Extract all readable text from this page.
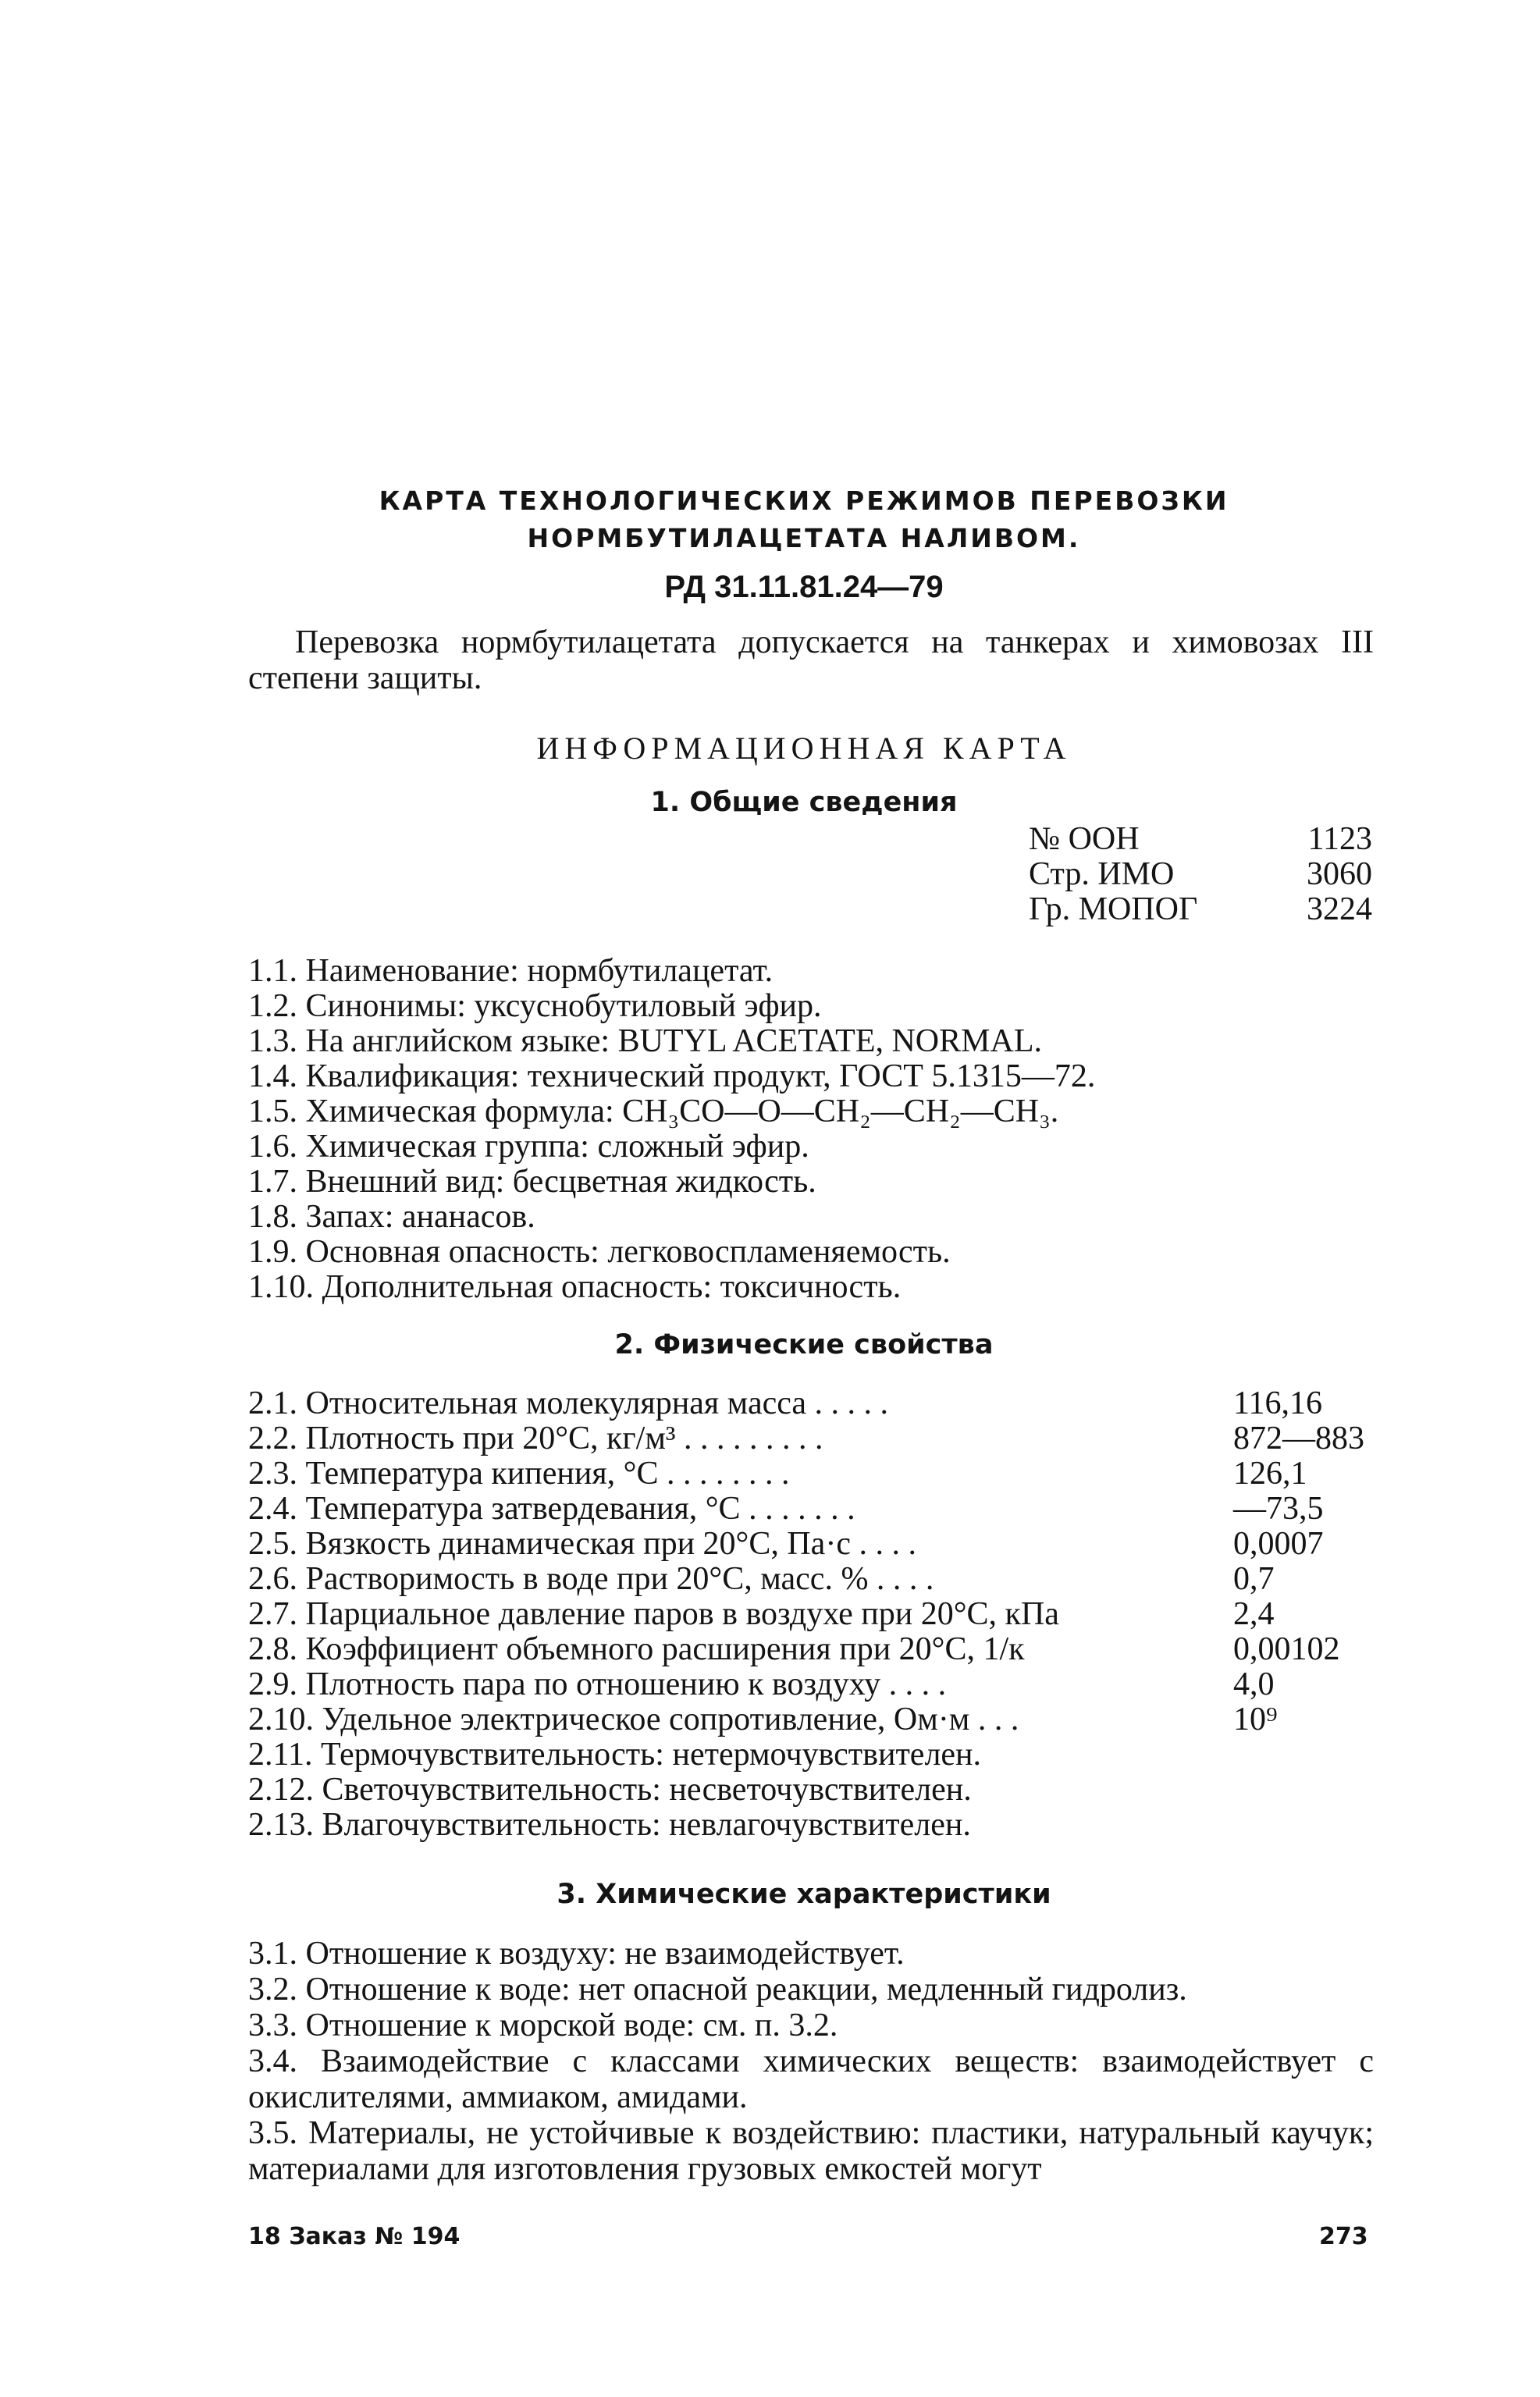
КАРТА ТЕХНОЛОГИЧЕСКИХ РЕЖИМОВ ПЕРЕВОЗКИ
НОРМБУТИЛАЦЕТАТА НАЛИВОМ.
РД 31.11.81.24—79
Перевозка нормбутилацетата допускается на танкерах и химовозах III степени защиты.
ИНФОРМАЦИОННАЯ КАРТА
1. Общие сведения
№ ООН	1123
Стр. ИМО	3060
Гр. МОПОГ	3224
1.1. Наименование: нормбутилацетат.
1.2. Синонимы: уксуснобутиловый эфир.
1.3. На английском языке: BUTYL ACETATE, NORMAL.
1.4. Квалификация: технический продукт, ГОСТ 5.1315—72.
1.5. Химическая формула: CH₃CO—O—CH₂—CH₂—CH₃.
1.6. Химическая группа: сложный эфир.
1.7. Внешний вид: бесцветная жидкость.
1.8. Запах: ананасов.
1.9. Основная опасность: легковоспламеняемость.
1.10. Дополнительная опасность: токсичность.
2. Физические свойства
2.1. Относительная молекулярная масса . . . . .	116,16
2.2. Плотность при 20°С, кг/м³ . . . . . . . . .	872—883
2.3. Температура кипения, °С . . . . . . . .	126,1
2.4. Температура затвердевания, °С . . . . . . .	—73,5
2.5. Вязкость динамическая при 20°С, Па·с . . . .	0,0007
2.6. Растворимость в воде при 20°С, масс. % . . . .	0,7
2.7. Парциальное давление паров в воздухе при 20°С, кПа	2,4
2.8. Коэффициент объемного расширения при 20°С, 1/к	0,00102
2.9. Плотность пара по отношению к воздуху . . . .	4,0
2.10. Удельное электрическое сопротивление, Ом·м . . .	10⁹
2.11. Термочувствительность: нетермочувствителен.
2.12. Светочувствительность: несветочувствителен.
2.13. Влагочувствительность: невлагочувствителен.
3. Химические характеристики

3.1. Отношение к воздуху: не взаимодействует.

3.2. Отношение к воде: нет опасной реакции, медленный гидролиз.

3.3. Отношение к морской воде: см. п. 3.2.

3.4. Взаимодействие с классами химических веществ: взаимодействует с окислителями, аммиаком, амидами.

3.5. Материалы, не устойчивые к воздействию: пластики, натуральный каучук; материалами для изготовления грузовых емкостей могут

18 Заказ № 194	273
